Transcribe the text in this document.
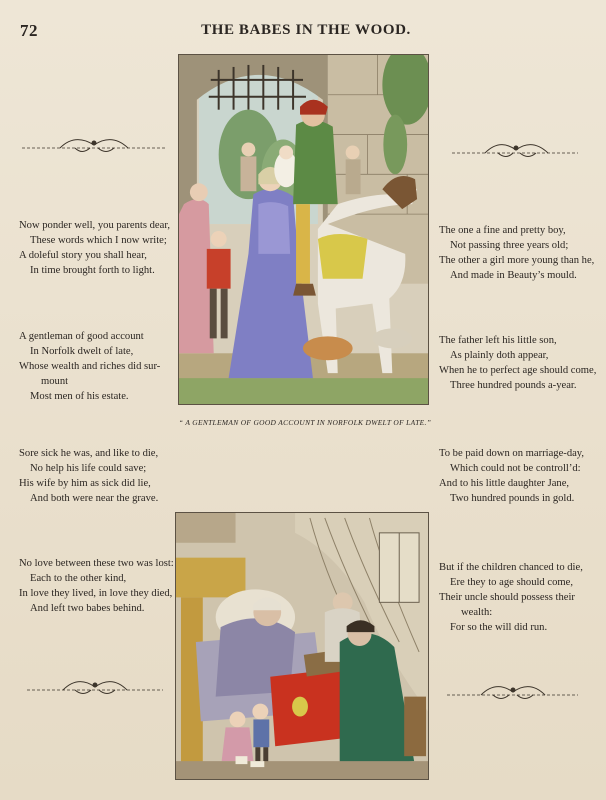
72	THE BABES IN THE WOOD.
“ A GENTLEMAN OF GOOD ACCOUNT IN NORFOLK DWELT OF LATE.”
Now ponder well, you parents dear,
These words which I now write;
A doleful story you shall hear,
In time brought forth to light.
A gentleman of good account
In Norfolk dwelt of late,
Whose wealth and riches did sur-
mount
Most men of his estate.
Sore sick he was, and like to die,
No help his life could save;
His wife by him as sick did lie,
And both were near the grave.
No love between these two was lost:
Each to the other kind,
In love they lived, in love they died,
And left two babes behind.
The one a fine and pretty boy,
Not passing three years old;
The other a girl more young than he,
And made in Beauty’s mould.
The father left his little son,
As plainly doth appear,
When he to perfect age should come,
Three hundred pounds a-year.
To be paid down on marriage-day,
Which could not be controll’d:
And to his little daughter Jane,
Two hundred pounds in gold.
But if the children chanced to die,
Ere they to age should come,
Their uncle should possess their
wealth:
For so the will did run.
